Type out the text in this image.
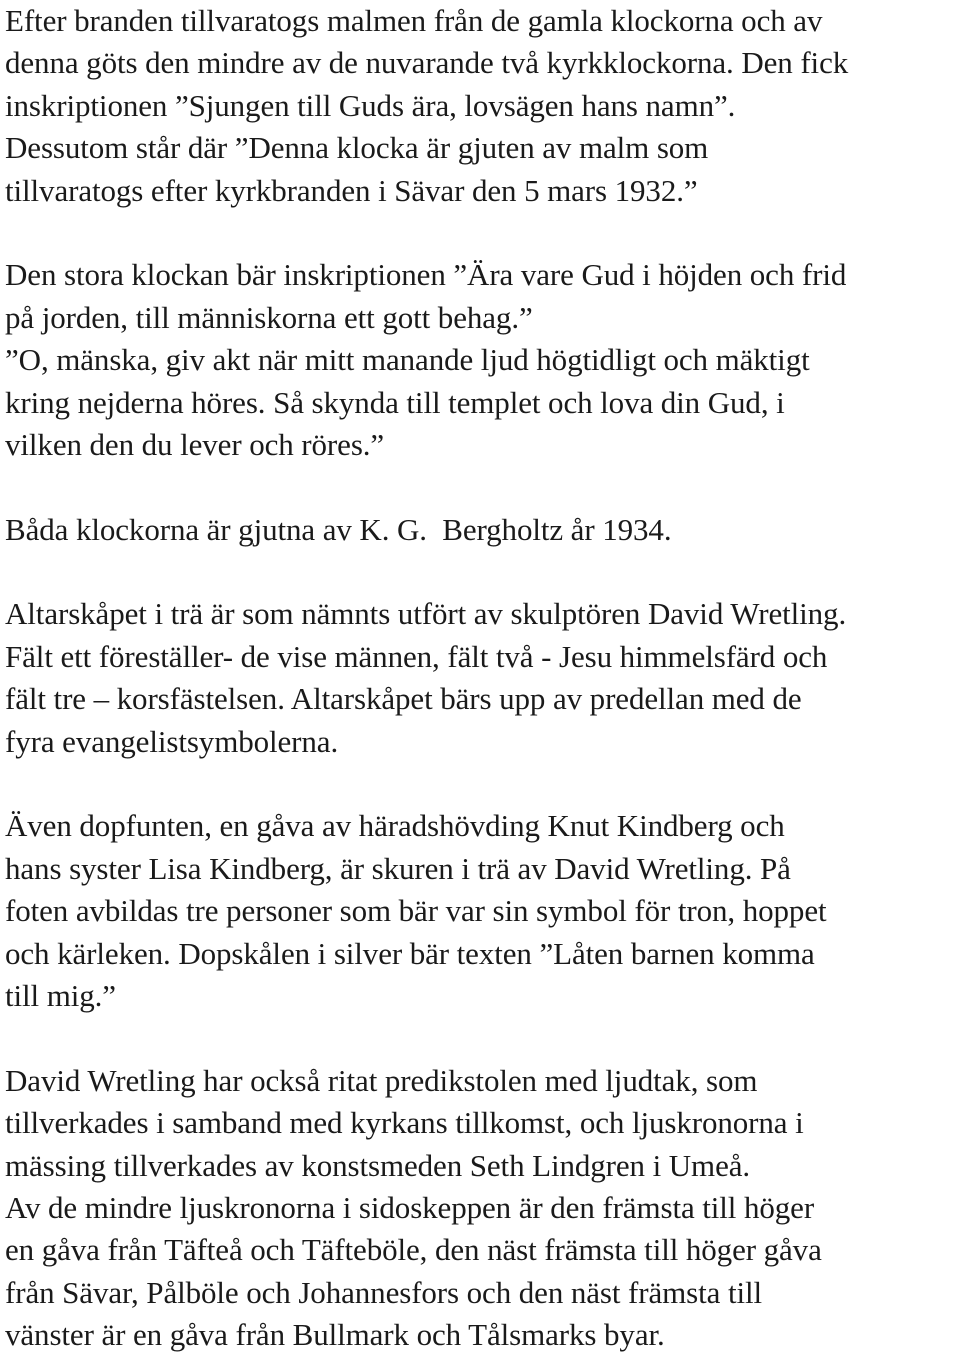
Efter branden tillvaratogs malmen från de gamla klockorna och av
denna göts den mindre av de nuvarande två kyrkklockorna. Den fick
inskriptionen ”Sjungen till Guds ära, lovsägen hans namn”.
Dessutom står där ”Denna klocka är gjuten av malm som
tillvaratogs efter kyrkbranden i Sävar den 5 mars 1932.”
Den stora klockan bär inskriptionen ”Ära vare Gud i höjden och frid
på jorden, till människorna ett gott behag.”
”O, mänska, giv akt när mitt manande ljud högtidligt och mäktigt
kring nejderna höres. Så skynda till templet och lova din Gud, i
vilken den du lever och röres.”
Båda klockorna är gjutna av K. G.  Bergholtz år 1934.
Altarskåpet i trä är som nämnts utfört av skulptören David Wretling.
Fält ett föreställer- de vise männen, fält två - Jesu himmelsfärd och
fält tre – korsfästelsen. Altarskåpet bärs upp av predellan med de
fyra evangelistsymbolerna.
Även dopfunten, en gåva av häradshövding Knut Kindberg och
hans syster Lisa Kindberg, är skuren i trä av David Wretling. På
foten avbildas tre personer som bär var sin symbol för tron, hoppet
och kärleken. Dopskålen i silver bär texten ”Låten barnen komma
till mig.”
David Wretling har också ritat predikstolen med ljudtak, som
tillverkades i samband med kyrkans tillkomst, och ljuskronorna i
mässing tillverkades av konstsmeden Seth Lindgren i Umeå.
Av de mindre ljuskronorna i sidoskeppen är den främsta till höger
en gåva från Täfteå och Täfteböle, den näst främsta till höger gåva
från Sävar, Pålböle och Johannesfors och den näst främsta till
vänster är en gåva från Bullmark och Tålsmarks byar.
